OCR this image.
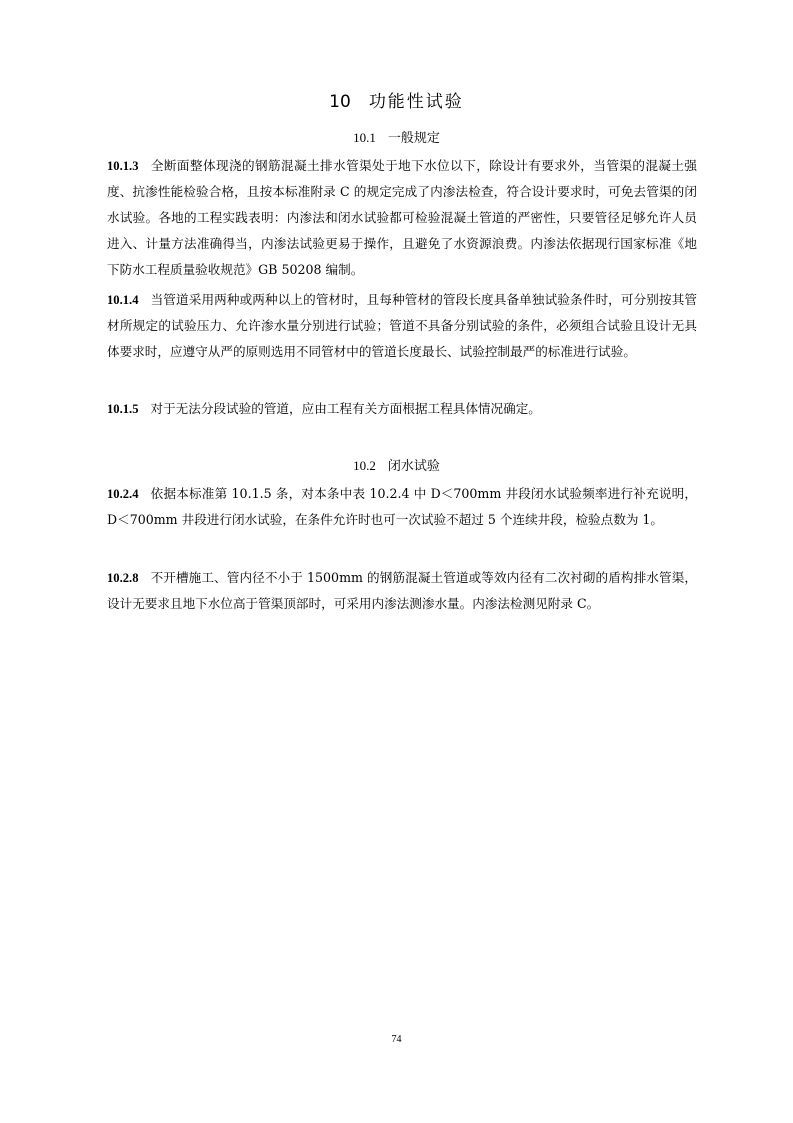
10 功能性试验
10.1 一般规定
10.1.3 全断面整体现浇的钢筋混凝土排水管渠处于地下水位以下，除设计有要求外，当管渠的混凝土强度、抗渗性能检验合格，且按本标准附录 C 的规定完成了内渗法检查，符合设计要求时，可免去管渠的闭水试验。各地的工程实践表明：内渗法和闭水试验都可检验混凝土管道的严密性，只要管径足够允许人员进入、计量方法准确得当，内渗法试验更易于操作，且避免了水资源浪费。内渗法依据现行国家标准《地下防水工程质量验收规范》GB 50208 编制。
10.1.4 当管道采用两种或两种以上的管材时，且每种管材的管段长度具备单独试验条件时，可分别按其管材所规定的试验压力、允许渗水量分别进行试验；管道不具备分别试验的条件，必须组合试验且设计无具体要求时，应遵守从严的原则选用不同管材中的管道长度最长、试验控制最严的标准进行试验。
10.1.5 对于无法分段试验的管道，应由工程有关方面根据工程具体情况确定。
10.2 闭水试验
10.2.4 依据本标准第 10.1.5 条，对本条中表 10.2.4 中 D＜700mm 井段闭水试验频率进行补充说明，D＜700mm 井段进行闭水试验，在条件允许时也可一次试验不超过 5 个连续井段，检验点数为 1。
10.2.8 不开槽施工、管内径不小于 1500mm 的钢筋混凝土管道或等效内径有二次衬砌的盾构排水管渠，设计无要求且地下水位高于管渠顶部时，可采用内渗法测渗水量。内渗法检测见附录 C。
74
